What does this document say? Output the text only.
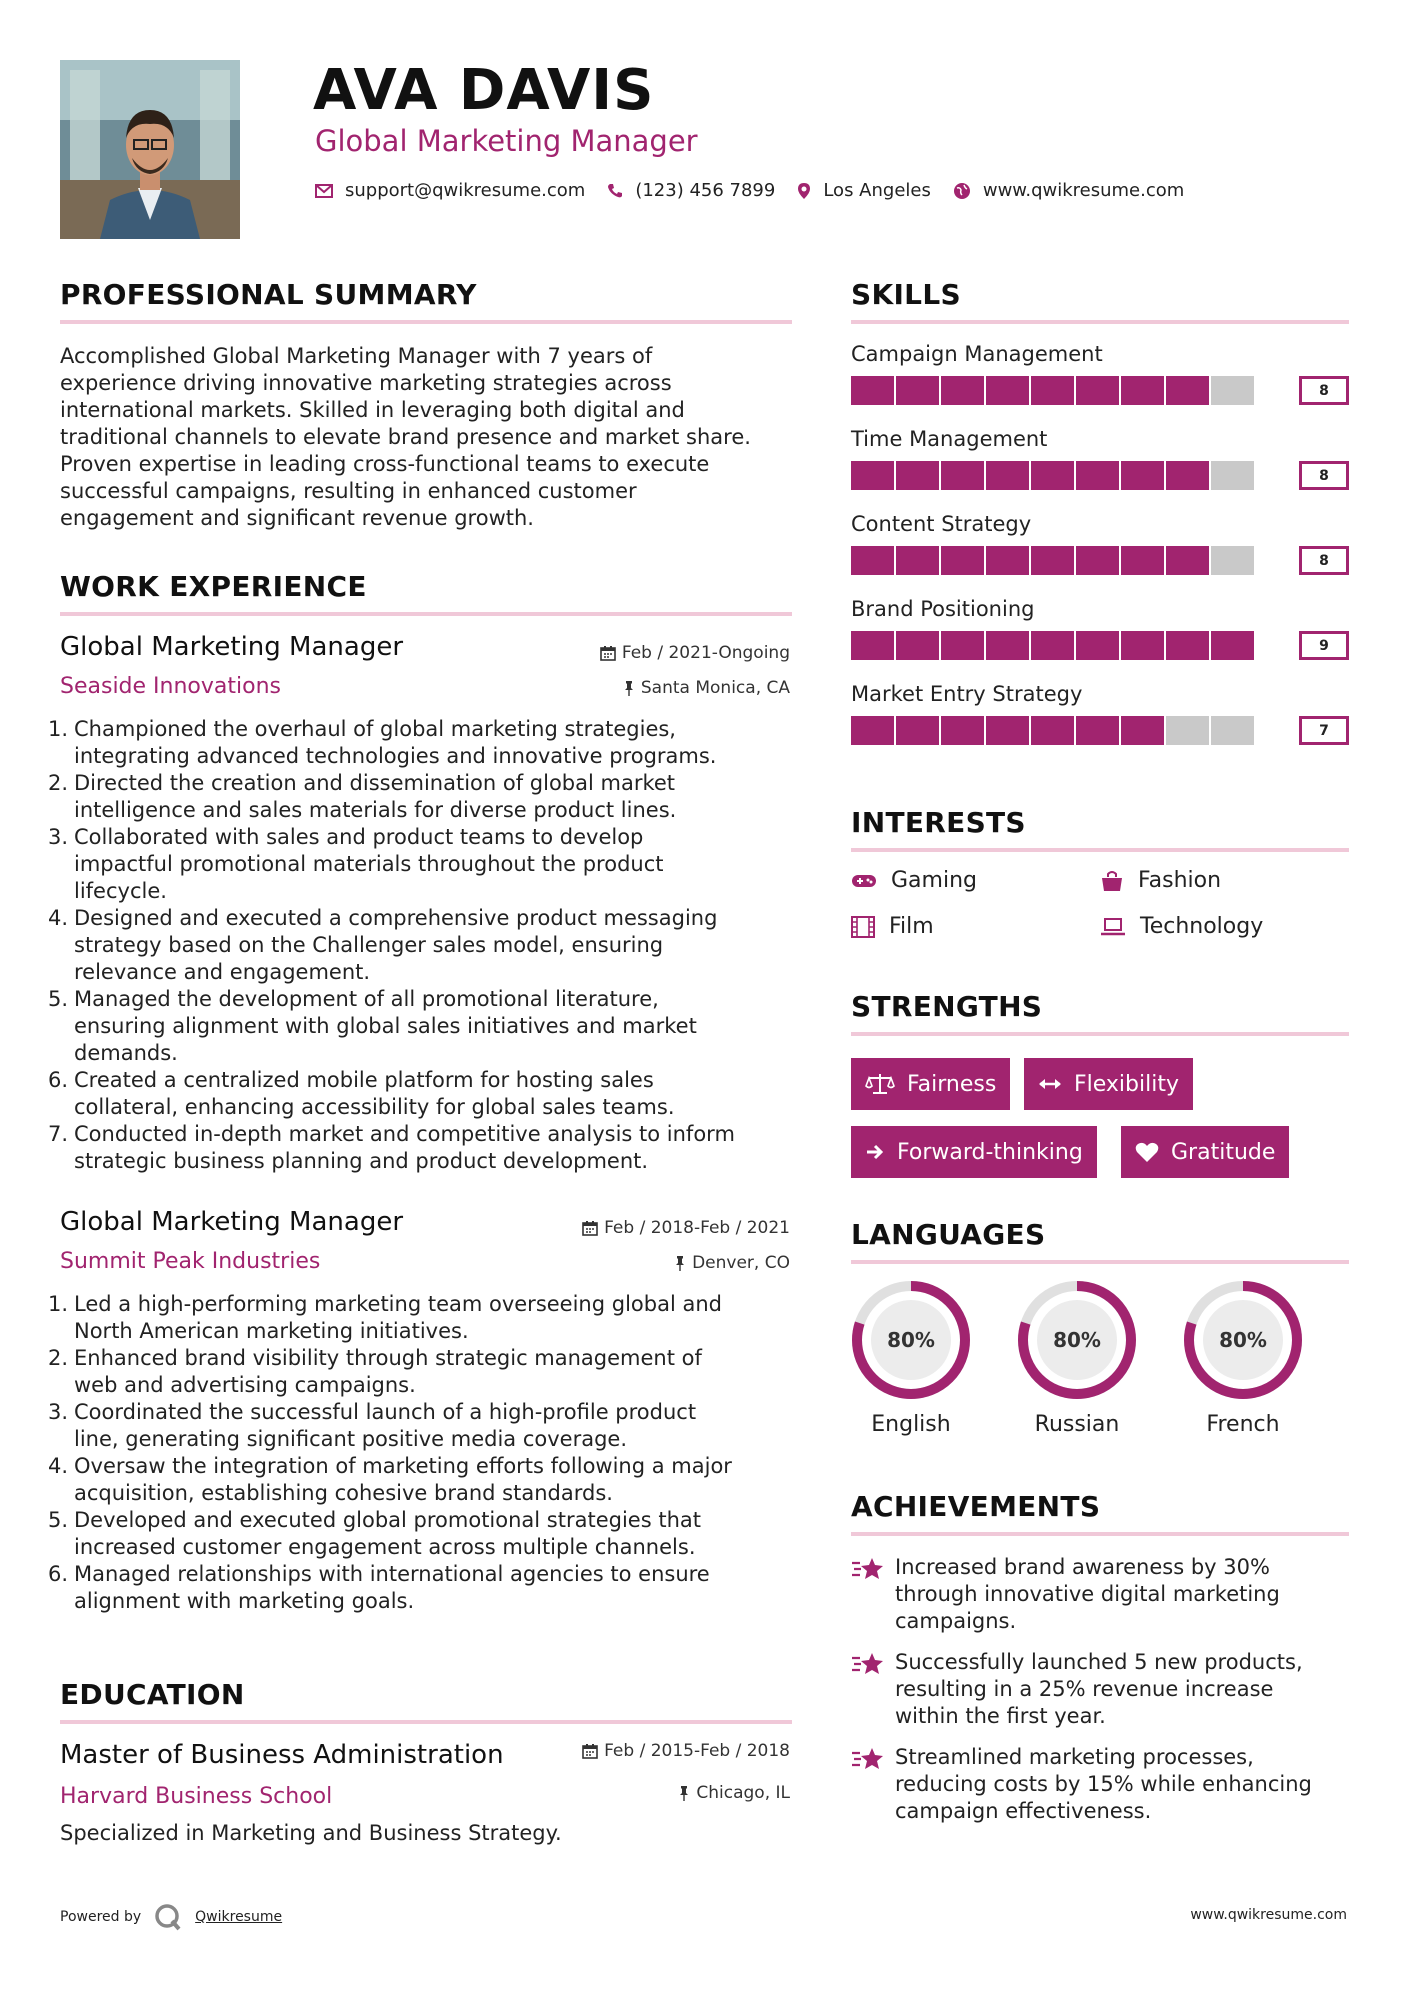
AVA DAVIS
Global Marketing Manager
support@qwikresume.com	(123) 456 7899	Los Angeles	www.qwikresume.com
PROFESSIONAL SUMMARY
Accomplished Global Marketing Manager with 7 years of
experience driving innovative marketing strategies across
international markets. Skilled in leveraging both digital and
traditional channels to elevate brand presence and market share.
Proven expertise in leading cross-functional teams to execute
successful campaigns, resulting in enhanced customer
engagement and significant revenue growth.
WORK EXPERIENCE
Global Marketing Manager	Feb / 2021-Ongoing
Seaside Innovations	Santa Monica, CA
1. Championed the overhaul of global marketing strategies,
integrating advanced technologies and innovative programs.
2. Directed the creation and dissemination of global market
intelligence and sales materials for diverse product lines.
3. Collaborated with sales and product teams to develop
impactful promotional materials throughout the product
lifecycle.
4. Designed and executed a comprehensive product messaging
strategy based on the Challenger sales model, ensuring
relevance and engagement.
5. Managed the development of all promotional literature,
ensuring alignment with global sales initiatives and market
demands.
6. Created a centralized mobile platform for hosting sales
collateral, enhancing accessibility for global sales teams.
7. Conducted in-depth market and competitive analysis to inform
strategic business planning and product development.
Global Marketing Manager	Feb / 2018-Feb / 2021
Summit Peak Industries	Denver, CO
1. Led a high-performing marketing team overseeing global and
North American marketing initiatives.
2. Enhanced brand visibility through strategic management of
web and advertising campaigns.
3. Coordinated the successful launch of a high-profile product
line, generating significant positive media coverage.
4. Oversaw the integration of marketing efforts following a major
acquisition, establishing cohesive brand standards.
5. Developed and executed global promotional strategies that
increased customer engagement across multiple channels.
6. Managed relationships with international agencies to ensure
alignment with marketing goals.
EDUCATION
Master of Business Administration	Feb / 2015-Feb / 2018
Harvard Business School	Chicago, IL
Specialized in Marketing and Business Strategy.
SKILLS
Campaign Management
8
Time Management
8
Content Strategy
8
Brand Positioning
9
Market Entry Strategy
7
INTERESTS
Gaming	Fashion
Film	Technology
STRENGTHS
Fairness	Flexibility
Forward-thinking	Gratitude
LANGUAGES
80%
English
80%
Russian
80%
French
ACHIEVEMENTS
Increased brand awareness by 30%
through innovative digital marketing
campaigns.
Successfully launched 5 new products,
resulting in a 25% revenue increase
within the first year.
Streamlined marketing processes,
reducing costs by 15% while enhancing
campaign effectiveness.
Powered by	Qwikresume	www.qwikresume.com
